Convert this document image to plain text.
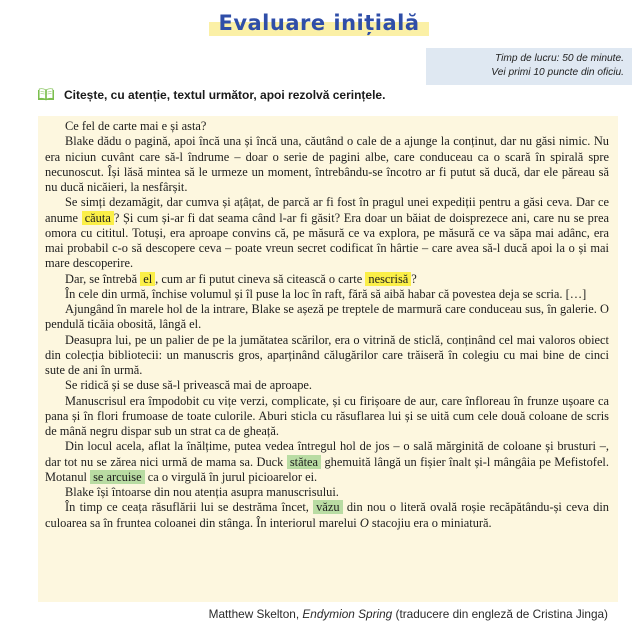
Evaluare inițială
Timp de lucru: 50 de minute.
Vei primi 10 puncte din oficiu.
Citește, cu atenție, textul următor, apoi rezolvă cerințele.

Ce fel de carte mai e și asta?

Blake dădu o pagină, apoi încă una și încă una, căutând o cale de a ajunge la conținut, dar nu găsi nimic. Nu era niciun cuvânt care să-l îndrume – doar o serie de pagini albe, care conduceau ca o scară în spirală spre necunoscut. Își lăsă mintea să le urmeze un moment, întrebându-se încotro ar fi putut să ducă, dar ele păreau să nu ducă nicăieri, la nesfârșit.

Se simți dezamăgit, dar cumva și ațâțat, de parcă ar fi fost în pragul unei expediții pentru a găsi ceva. Dar ce anume căuta ? Și cum și-ar fi dat seama când l-ar fi găsit? Era doar un băiat de doisprezece ani, care nu se prea omora cu cititul. Totuși, era aproape convins că, pe măsură ce va explora, pe măsură ce va săpa mai adânc, era mai probabil c-o să descopere ceva – poate vreun secret codificat în hârtie – care avea să-l ducă apoi la o și mai mare descoperire.

Dar, se întrebă el , cum ar fi putut cineva să citească o carte nescrisă ?

În cele din urmă, închise volumul și îl puse la loc în raft, fără să aibă habar că povestea deja se scria. […]

Ajungând în marele hol de la intrare, Blake se așeză pe treptele de marmură care conduceau sus, în galerie. O pendulă ticăia obosită, lângă el.

Deasupra lui, pe un palier de pe la jumătatea scărilor, era o vitrină de sticlă, conținând cel mai valoros obiect din colecția bibliotecii: un manuscris gros, aparținând călugărilor care trăiseră în colegiu cu mai bine de cinci sute de ani în urmă.

Se ridică și se duse să-l privească mai de aproape.

Manuscrisul era împodobit cu vițe verzi, complicate, și cu firișoare de aur, care înfloreau în frunze ușoare ca pana și în flori frumoase de toate culorile. Aburi sticla cu răsuflarea lui și se uită cum cele două coloane de scris de mână negru dispar sub un strat ca de gheață.

Din locul acela, aflat la înălțime, putea vedea întregul hol de jos – o sală mărginită de coloane și brusturi –, dar tot nu se zărea nici urmă de mama sa. Duck stătea ghemuită lângă un fișier înalt și-l mângâia pe Mefistofel. Motanul se arcuise ca o virgulă în jurul picioarelor ei.

Blake își întoarse din nou atenția asupra manuscrisului.

În timp ce ceața răsuflării lui se destrăma încet, văzu din nou o literă ovală roșie recăpătându-și ceva din culoarea sa în fruntea coloanei din stânga. În interiorul marelui O stacojiu era o miniatură.

Matthew Skelton, Endymion Spring (traducere din engleză de Cristina Jinga)
